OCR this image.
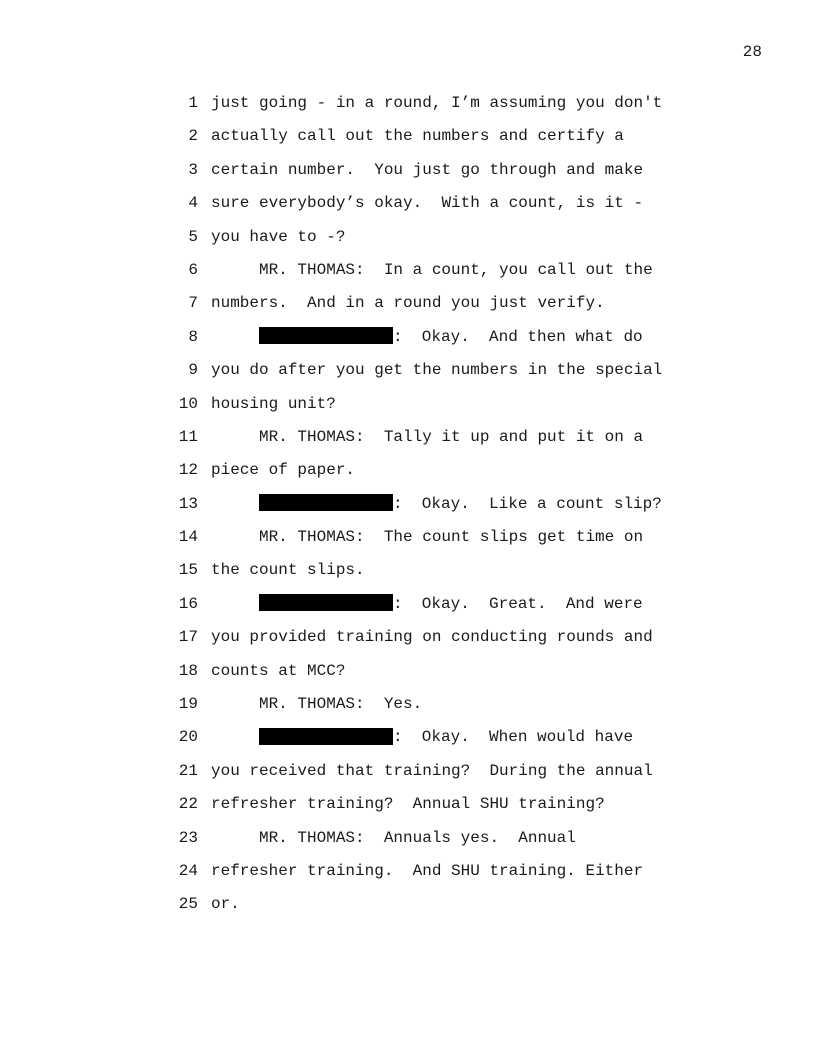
28
1 just going - in a round, I’m assuming you don't
2 actually call out the numbers and certify a
3 certain number.  You just go through and make
4 sure everybody’s okay.  With a count, is it -
5 you have to -?
6	MR. THOMAS:  In a count, you call out the
7 numbers.  And in a round you just verify.
8	:  Okay.  And then what do
9 you do after you get the numbers in the special
10 housing unit?
11	MR. THOMAS:  Tally it up and put it on a
12 piece of paper.
13	:  Okay.  Like a count slip?
14	MR. THOMAS:  The count slips get time on
15 the count slips.
16	:  Okay.  Great.  And were
17 you provided training on conducting rounds and
18 counts at MCC?
19	MR. THOMAS:  Yes.
20	:  Okay.  When would have
21 you received that training?  During the annual
22 refresher training?  Annual SHU training?
23	MR. THOMAS:  Annuals yes.  Annual
24 refresher training.  And SHU training. Either
25 or.
